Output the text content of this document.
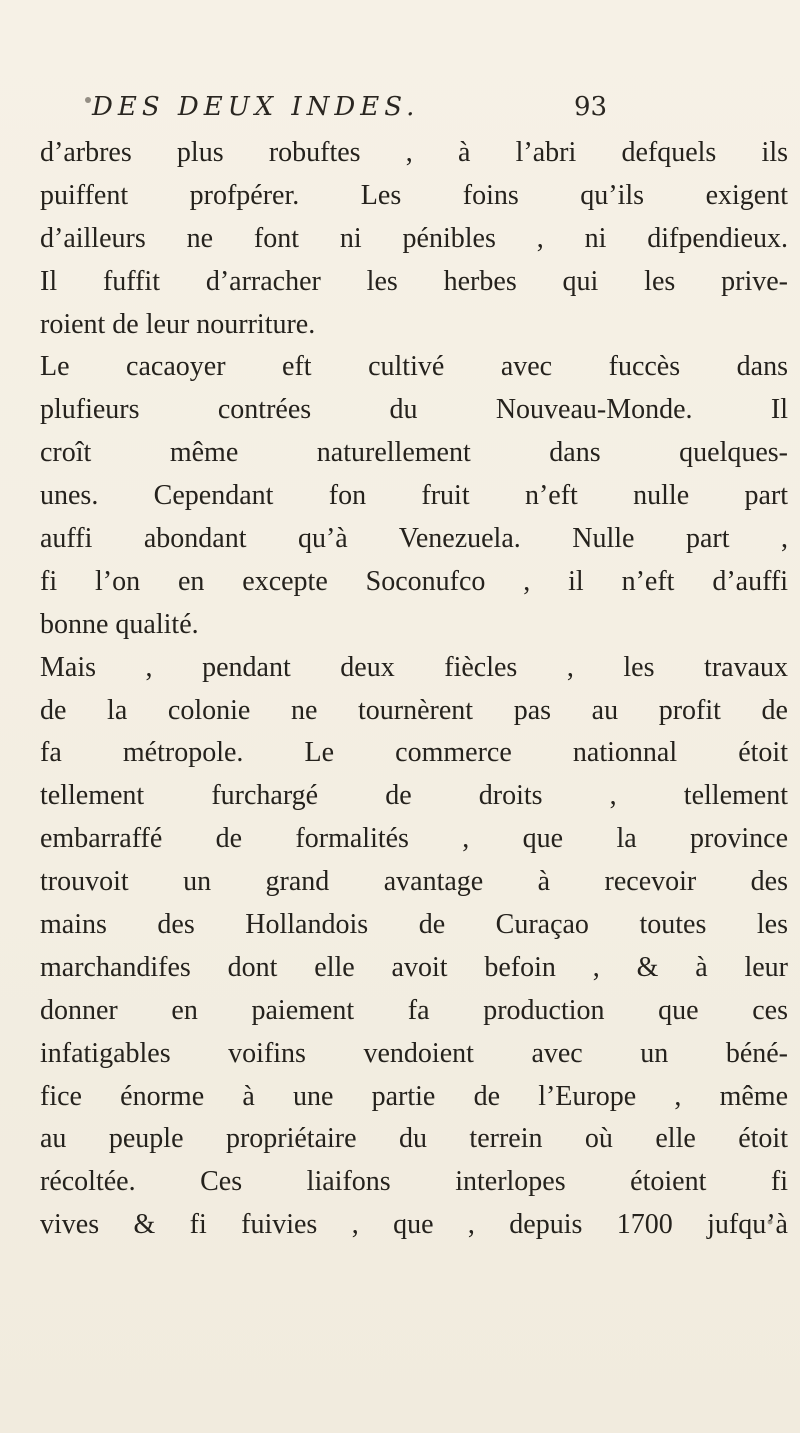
DES DEUX INDES.	93
d’arbres plus robuftes , à l’abri defquels ils
puiffent profpérer. Les foins qu’ils exigent
d’ailleurs ne font ni pénibles , ni difpendieux.
Il fuffit d’arracher les herbes qui les prive-
roient de leur nourriture.
Le cacaoyer eft cultivé avec fuccès dans
plufieurs contrées du Nouveau-Monde. Il
croît même naturellement dans quelques-
unes. Cependant fon fruit n’eft nulle part
auffi abondant qu’à Venezuela. Nulle part ,
fi l’on en excepte Soconufco , il n’eft d’auffi
bonne qualité.
Mais , pendant deux fiècles , les travaux
de la colonie ne tournèrent pas au profit de
fa métropole. Le commerce nationnal étoit
tellement furchargé de droits , tellement
embarraffé de formalités , que la province
trouvoit un grand avantage à recevoir des
mains des Hollandois de Curaçao toutes les
marchandifes dont elle avoit befoin , & à leur
donner en paiement fa production que ces
infatigables voifins vendoient avec un béné-
fice énorme à une partie de l’Europe , même
au peuple propriétaire du terrein où elle étoit
récoltée. Ces liaifons interlopes étoient fi
vives & fi fuivies , que , depuis 1700 jufqu’à
